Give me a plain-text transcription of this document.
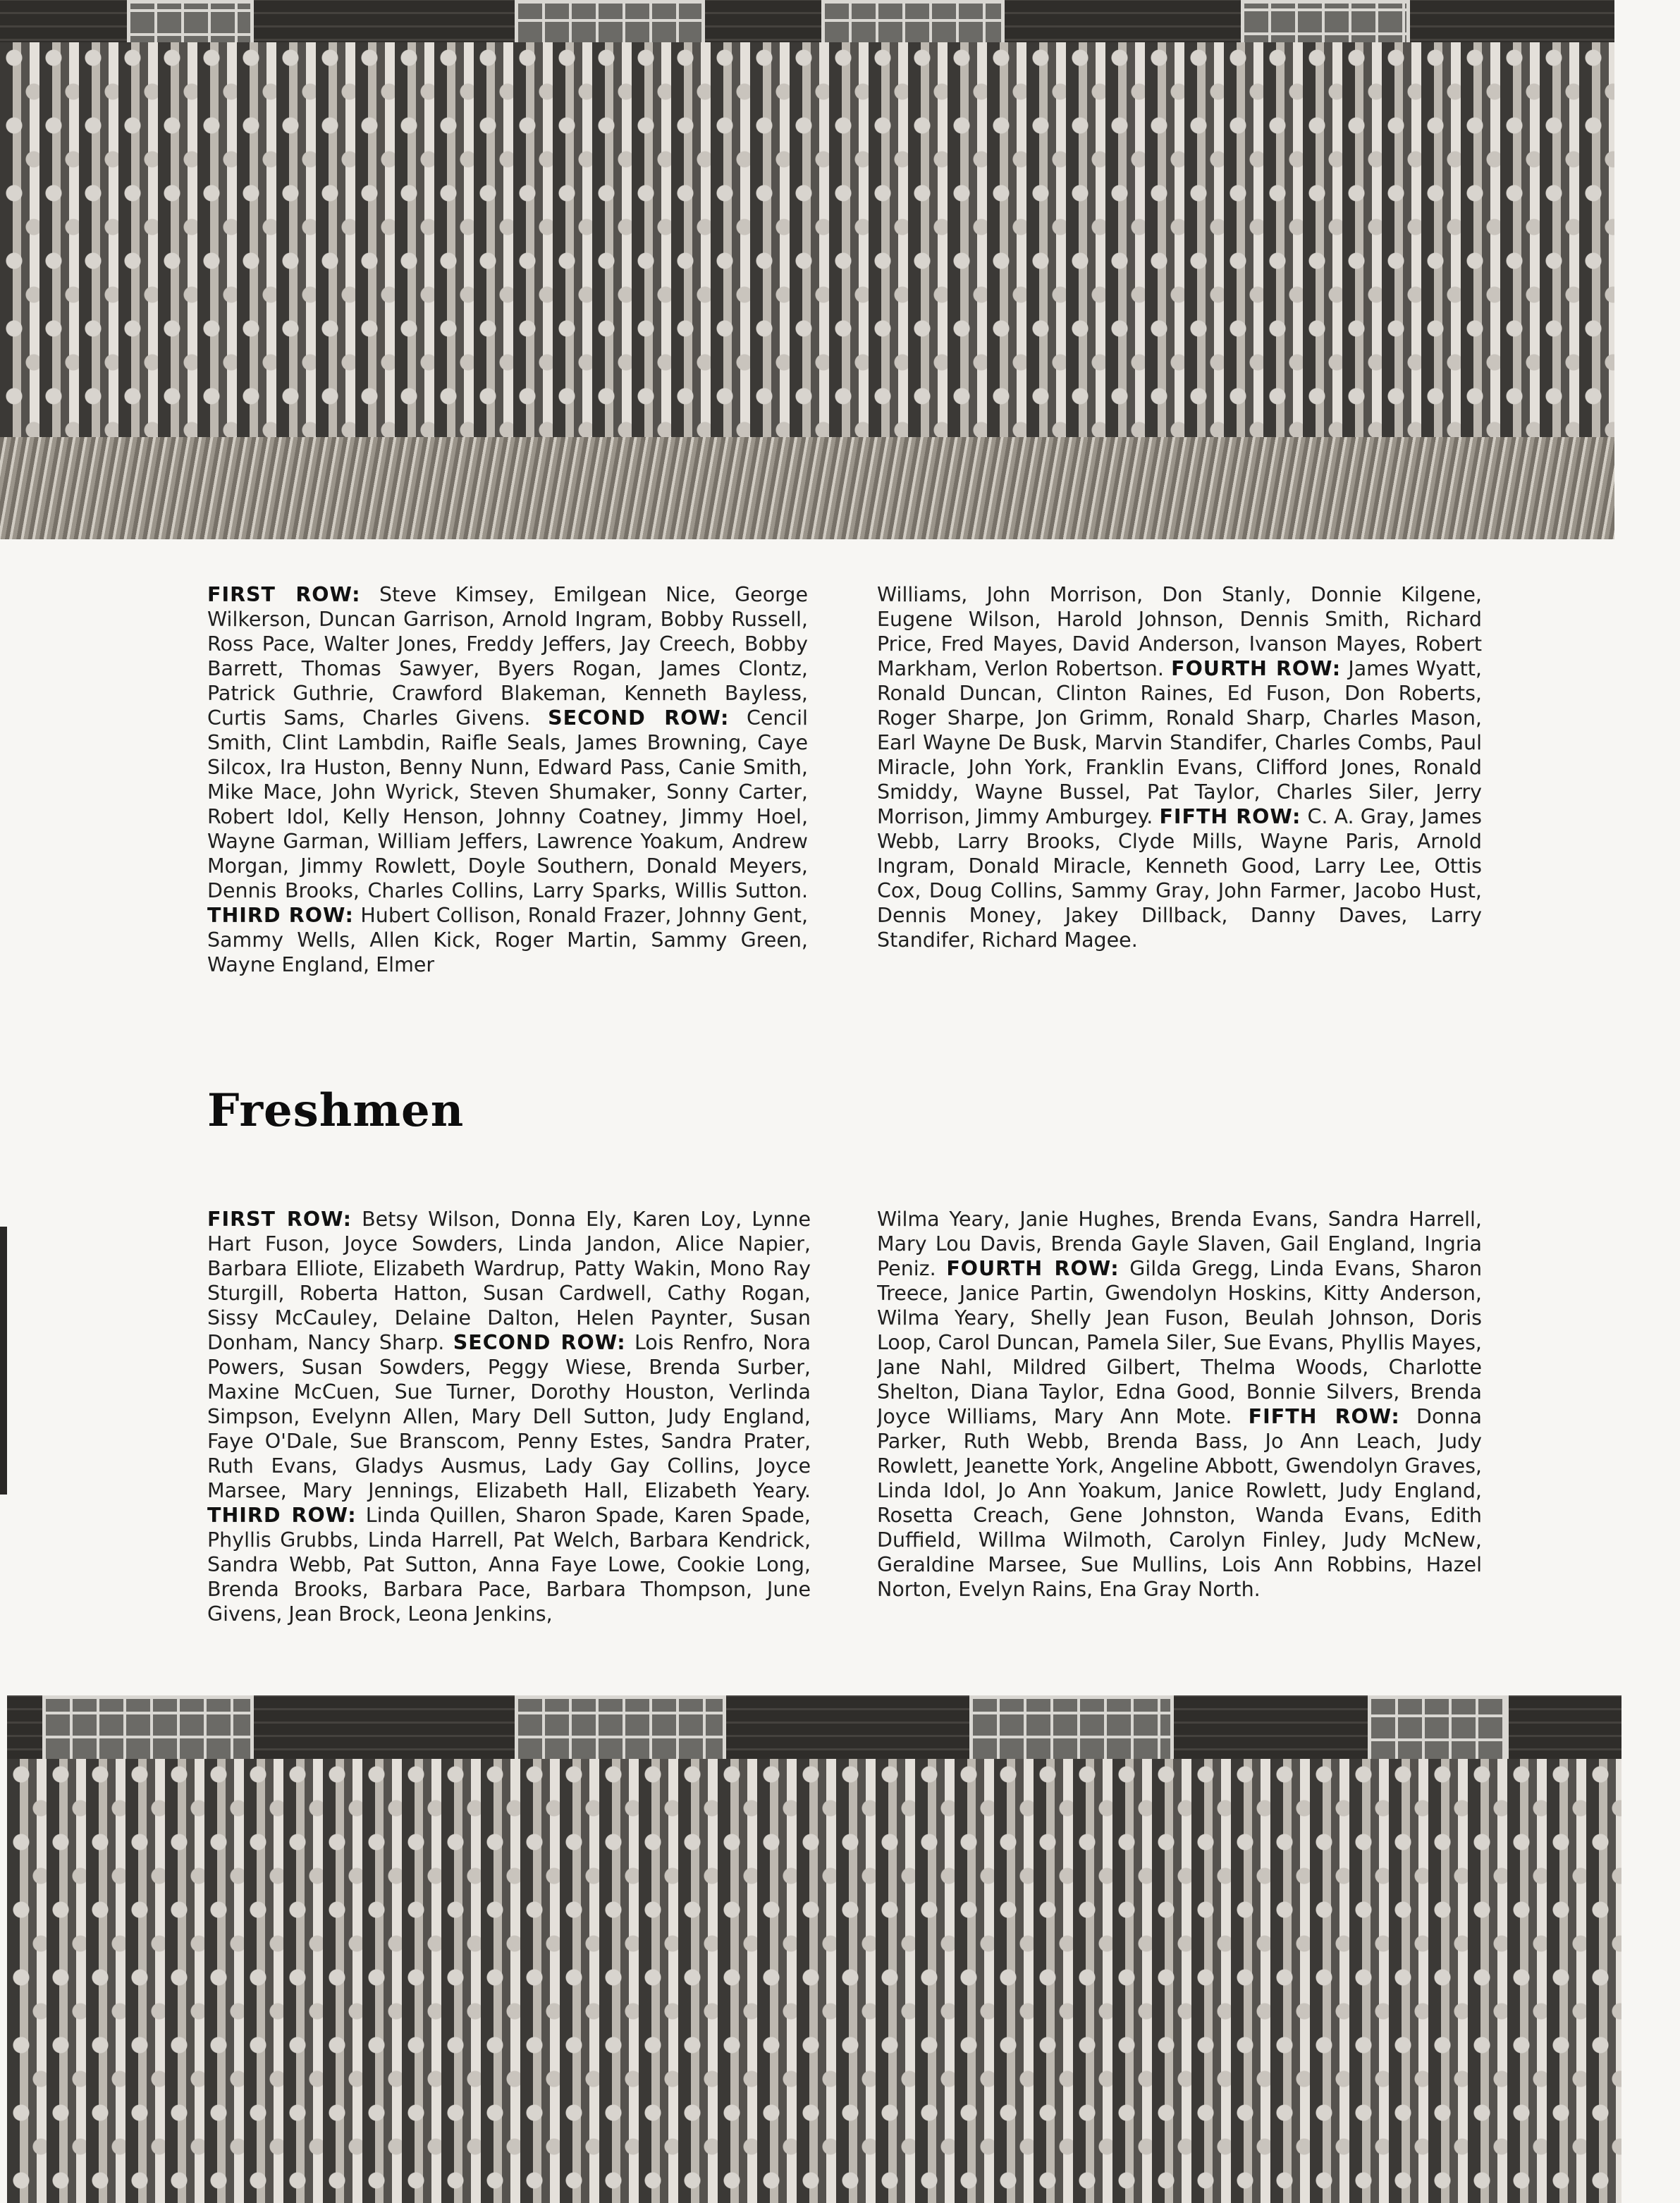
FIRST ROW: Steve Kimsey, Emilgean Nice, George Wilkerson, Duncan Garrison, Arnold Ingram, Bobby Russell, Ross Pace, Walter Jones, Freddy Jeffers, Jay Creech, Bobby Barrett, Thomas Sawyer, Byers Rogan, James Clontz, Patrick Guthrie, Crawford Blakeman, Kenneth Bayless, Curtis Sams, Charles Givens. SECOND ROW: Cencil Smith, Clint Lambdin, Raifle Seals, James Browning, Caye Silcox, Ira Huston, Benny Nunn, Edward Pass, Canie Smith, Mike Mace, John Wyrick, Steven Shumaker, Sonny Carter, Robert Idol, Kelly Henson, Johnny Coatney, Jimmy Hoel, Wayne Garman, William Jeffers, Lawrence Yoakum, Andrew Morgan, Jimmy Rowlett, Doyle Southern, Donald Meyers, Dennis Brooks, Charles Collins, Larry Sparks, Willis Sutton. THIRD ROW: Hubert Collison, Ronald Frazer, Johnny Gent, Sammy Wells, Allen Kick, Roger Martin, Sammy Green, Wayne England, Elmer
Williams, John Morrison, Don Stanly, Donnie Kilgene, Eugene Wilson, Harold Johnson, Dennis Smith, Richard Price, Fred Mayes, David Anderson, Ivanson Mayes, Robert Markham, Verlon Robertson. FOURTH ROW: James Wyatt, Ronald Duncan, Clinton Raines, Ed Fuson, Don Roberts, Roger Sharpe, Jon Grimm, Ronald Sharp, Charles Mason, Earl Wayne De Busk, Marvin Standifer, Charles Combs, Paul Miracle, John York, Franklin Evans, Clifford Jones, Ronald Smiddy, Wayne Bussel, Pat Taylor, Charles Siler, Jerry Morrison, Jimmy Amburgey. FIFTH ROW: C. A. Gray, James Webb, Larry Brooks, Clyde Mills, Wayne Paris, Arnold Ingram, Donald Miracle, Kenneth Good, Larry Lee, Ottis Cox, Doug Collins, Sammy Gray, John Farmer, Jacobo Hust, Dennis Money, Jakey Dillback, Danny Daves, Larry Standifer, Richard Magee.
Freshmen
FIRST ROW: Betsy Wilson, Donna Ely, Karen Loy, Lynne Hart Fuson, Joyce Sowders, Linda Jandon, Alice Napier, Barbara Elliote, Elizabeth Wardrup, Patty Wakin, Mono Ray Sturgill, Roberta Hatton, Susan Cardwell, Cathy Rogan, Sissy McCauley, Delaine Dalton, Helen Paynter, Susan Donham, Nancy Sharp. SECOND ROW: Lois Renfro, Nora Powers, Susan Sowders, Peggy Wiese, Brenda Surber, Maxine McCuen, Sue Turner, Dorothy Houston, Verlinda Simpson, Evelynn Allen, Mary Dell Sutton, Judy England, Faye O'Dale, Sue Branscom, Penny Estes, Sandra Prater, Ruth Evans, Gladys Ausmus, Lady Gay Collins, Joyce Marsee, Mary Jennings, Elizabeth Hall, Elizabeth Yeary. THIRD ROW: Linda Quillen, Sharon Spade, Karen Spade, Phyllis Grubbs, Linda Harrell, Pat Welch, Barbara Kendrick, Sandra Webb, Pat Sutton, Anna Faye Lowe, Cookie Long, Brenda Brooks, Barbara Pace, Barbara Thompson, June Givens, Jean Brock, Leona Jenkins,
Wilma Yeary, Janie Hughes, Brenda Evans, Sandra Harrell, Mary Lou Davis, Brenda Gayle Slaven, Gail England, Ingria Peniz. FOURTH ROW: Gilda Gregg, Linda Evans, Sharon Treece, Janice Partin, Gwendolyn Hoskins, Kitty Anderson, Wilma Yeary, Shelly Jean Fuson, Beulah Johnson, Doris Loop, Carol Duncan, Pamela Siler, Sue Evans, Phyllis Mayes, Jane Nahl, Mildred Gilbert, Thelma Woods, Charlotte Shelton, Diana Taylor, Edna Good, Bonnie Silvers, Brenda Joyce Williams, Mary Ann Mote. FIFTH ROW: Donna Parker, Ruth Webb, Brenda Bass, Jo Ann Leach, Judy Rowlett, Jeanette York, Angeline Abbott, Gwendolyn Graves, Linda Idol, Jo Ann Yoakum, Janice Rowlett, Judy England, Rosetta Creach, Gene Johnston, Wanda Evans, Edith Duffield, Willma Wilmoth, Carolyn Finley, Judy McNew, Geraldine Marsee, Sue Mullins, Lois Ann Robbins, Hazel Norton, Evelyn Rains, Ena Gray North.
